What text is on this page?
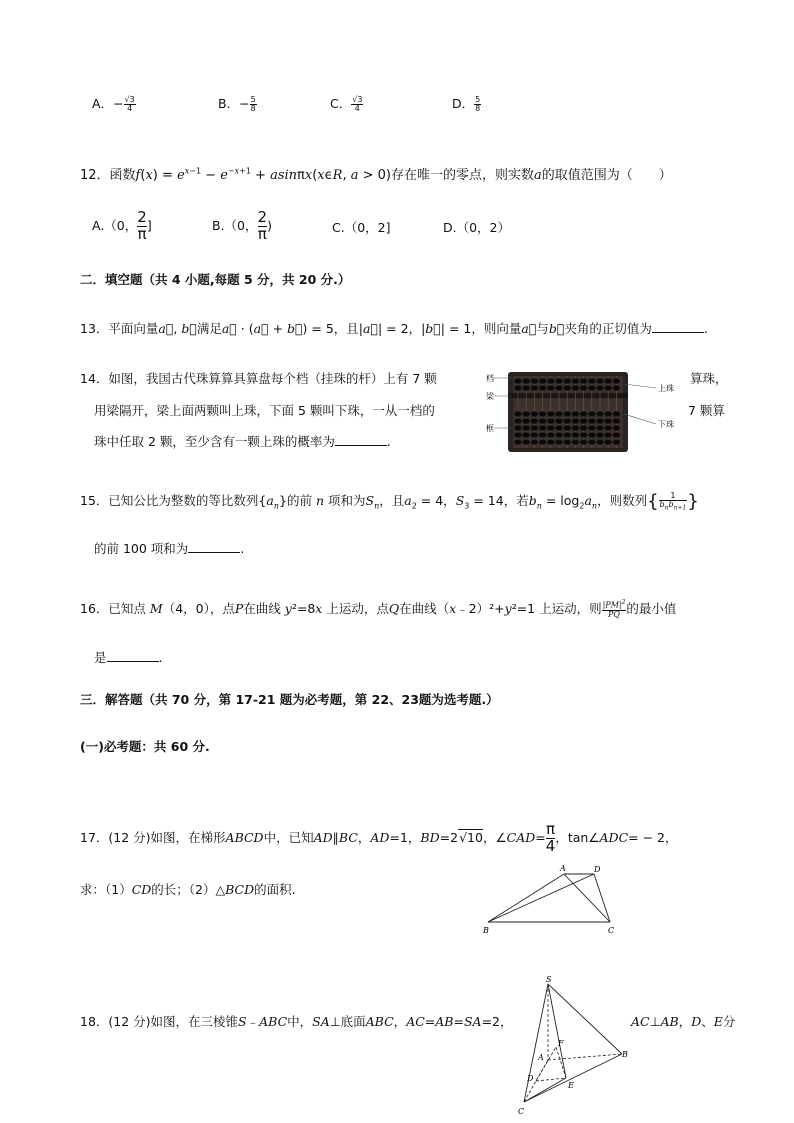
A．− $\frac{√3}{4}$	B．− $\frac{5}{8}$	C． $\frac{√3}{4}$	D． $\frac{5}{8}$
12．函数$f(x) = e^{x-1} - e^{-x+1} + asin\pi x(x\epsilon R$, a > 0)存在唯一的零点，则实数a的取值范围为（　　）
A.（0， $\frac{2}{\pi}$ ]	B.（0， $\frac{2}{\pi}$ )	C.（0，2]	D.（0，2）
二．填空题（共 4 小题,每题 5 分，共 20 分.）
13．平面向量a⃗, b⃗满足a⃗ · (a⃗ + b⃗) = 5，且|a⃗| = 2，|b⃗| = 1，则向量a⃗与b⃗夹角的正切值为	.
14．如图，我国古代珠算算具算盘每个档（挂珠的杆）上有 7 颗	算珠，
用梁隔开，梁上面两颗叫上珠，下面 5 颗叫下珠，一从一档的	7 颗算
珠中任取 2 颗，至少含有一颗上珠的概率为	.
档
梁
框
上珠
下珠
15．已知公比为整数的等比数列$\{a_n\}$的前 n 项和为$S_n$，且$a_2 = 4$，$S_3 = 14$，若$b_n = \log_2a_n$，则数列{ $\frac{1}{b_nb_{n+1}}$ }
的前 100 项和为	.
16．已知点 M（4，0），点P在曲线 y²=8x 上运动，点Q在曲线（x﹣2）²+y²=1 上运动，则 $\frac{|PM|^2}{PQ}$ 的最小值
是	.
三．解答题（共 70 分，第 17-21 题为必考题，第 22、23题为选考题.）
(一)必考题：共 60 分.
17．(12 分)如图，在梯形ABCD中，已知AD∥BC，AD=1，BD=2√10，∠CAD= $\frac{\pi}{4}$ ，tan∠ADC= − 2，
求：（1）CD的长；（2）△BCD的面积.
B	C
A	D
18．(12 分)如图，在三棱锥S﹣ABC中，SA⊥底面ABC，AC=AB=SA=2，	AC⊥AB，D、E分
S
A	B
C
D
E
F
